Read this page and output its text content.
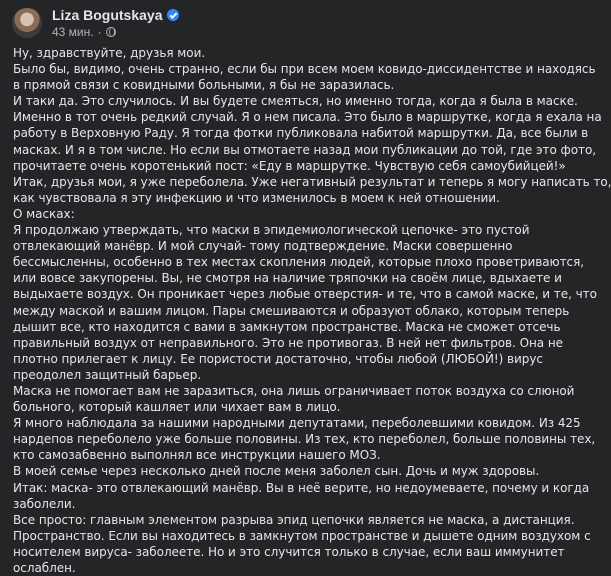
Liza Bogutskaya
43 мин. ·
Ну, здравствуйте, друзья мои.
Было бы, видимо, очень странно, если бы при всем моем ковидо-диссидентстве и находясь
в прямой связи с ковидными больными, я бы не заразилась.
И таки да. Это случилось. И вы будете смеяться, но именно тогда, когда я была в маске.
Именно в тот очень редкий случай. Я о нем писала. Это было в маршрутке, когда я ехала на
работу в Верховную Раду. Я тогда фотки публиковала набитой маршрутки. Да, все были в
масках. И я в том числе. Но если вы отмотаете назад мои публикации до той, где это фото,
прочитаете очень коротенький пост: «Еду в маршрутке. Чувствую себя самоубийцей!»
Итак, друзья мои, я уже переболела. Уже негативный результат и теперь я могу написать то,
как чувствовала я эту инфекцию и что изменилось в моем к ней отношении.
О масках:
Я продолжаю утверждать, что маски в эпидемиологической цепочке- это пустой
отвлекающий манёвр. И мой случай- тому подтверждение. Маски совершенно
бессмысленны, особенно в тех местах скопления людей, которые плохо проветриваются,
или вовсе закупорены. Вы, не смотря на наличие тряпочки на своём лице, вдыхаете и
выдыхаете воздух. Он проникает через любые отверстия- и те, что в самой маске, и те, что
между маской и вашим лицом. Пары смешиваются и образуют облако, которым теперь
дышит все, кто находится с вами в замкнутом пространстве. Маска не сможет отсечь
правильный воздух от неправильного. Это не противогаз. В ней нет фильтров. Она не
плотно прилегает к лицу. Ее пористости достаточно, чтобы любой (ЛЮБОЙ!) вирус
преодолел защитный барьер.
Маска не помогает вам не заразиться, она лишь ограничивает поток воздуха со слюной
больного, который кашляет или чихает вам в лицо.
Я много наблюдала за нашими народными депутатами, переболевшими ковидом. Из 425
нардепов переболело уже больше половины. Из тех, кто переболел, больше половины тех,
кто самозабвенно выполнял все инструкции нашего МОЗ.
В моей семье через несколько дней после меня заболел сын. Дочь и муж здоровы.
Итак: маска- это отвлекающий манёвр. Вы в неё верите, но недоумеваете, почему и когда
заболели.
Все просто: главным элементом разрыва эпид цепочки является не маска, а дистанция.
Пространство. Если вы находитесь в замкнутом пространстве и дышете одним воздухом с
носителем вируса- заболеете. Но и это случится только в случае, если ваш иммунитет
ослаблен.
